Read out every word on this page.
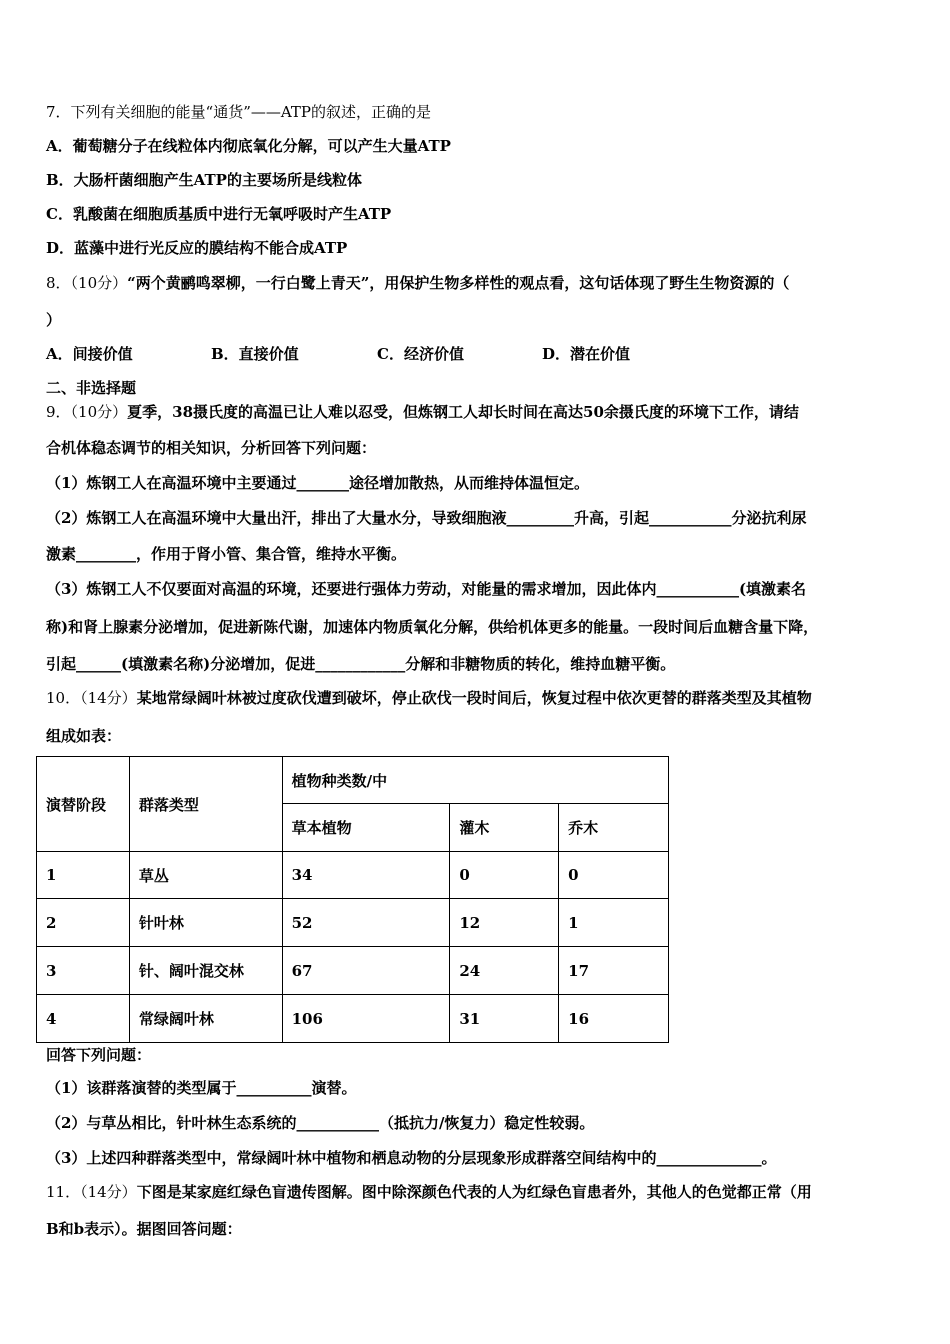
7．下列有关细胞的能量“通货”——ATP的叙述，正确的是
A．葡萄糖分子在线粒体内彻底氧化分解，可以产生大量ATP
B．大肠杆菌细胞产生ATP的主要场所是线粒体
C．乳酸菌在细胞质基质中进行无氧呼吸时产生ATP
D．蓝藻中进行光反应的膜结构不能合成ATP
8．（10分）“两个黄鹂鸣翠柳，一行白鹭上青天”，用保护生物多样性的观点看，这句话体现了野生生物资源的（
）
A．间接价值	B．直接价值	C．经济价值	D．潜在价值
二、非选择题
9．（10分）夏季，38摄氏度的高温已让人难以忍受，但炼钢工人却长时间在高达50余摄氏度的环境下工作，请结
合机体稳态调节的相关知识，分析回答下列问题：
（1）炼钢工人在高温环境中主要通过_______途径增加散热，从而维持体温恒定。
（2）炼钢工人在高温环境中大量出汗，排出了大量水分，导致细胞液_________升高，引起___________分泌抗利尿
激素________，作用于肾小管、集合管，维持水平衡。
（3）炼钢工人不仅要面对高温的环境，还要进行强体力劳动，对能量的需求增加，因此体内___________(填激素名
称)和肾上腺素分泌增加，促进新陈代谢，加速体内物质氧化分解，供给机体更多的能量。一段时间后血糖含量下降，
引起______(填激素名称)分泌增加，促进____________分解和非糖物质的转化，维持血糖平衡。
10．（14分）某地常绿阔叶林被过度砍伐遭到破坏，停止砍伐一段时间后，恢复过程中依次更替的群落类型及其植物
组成如表：
演替阶段	群落类型	植物种类数/中		
		草本植物	灌木	乔木
1	草丛	34	0	0
2	针叶林	52	12	1
3	针、阔叶混交林	67	24	17
4	常绿阔叶林	106	31	16
回答下列问题：
（1）该群落演替的类型属于__________演替。
（2）与草丛相比，针叶林生态系统的___________（抵抗力/恢复力）稳定性较弱。
（3）上述四种群落类型中，常绿阔叶林中植物和栖息动物的分层现象形成群落空间结构中的______________。
11．（14分）下图是某家庭红绿色盲遗传图解。图中除深颜色代表的人为红绿色盲患者外，其他人的色觉都正常（用
B和b表示）。据图回答问题：
